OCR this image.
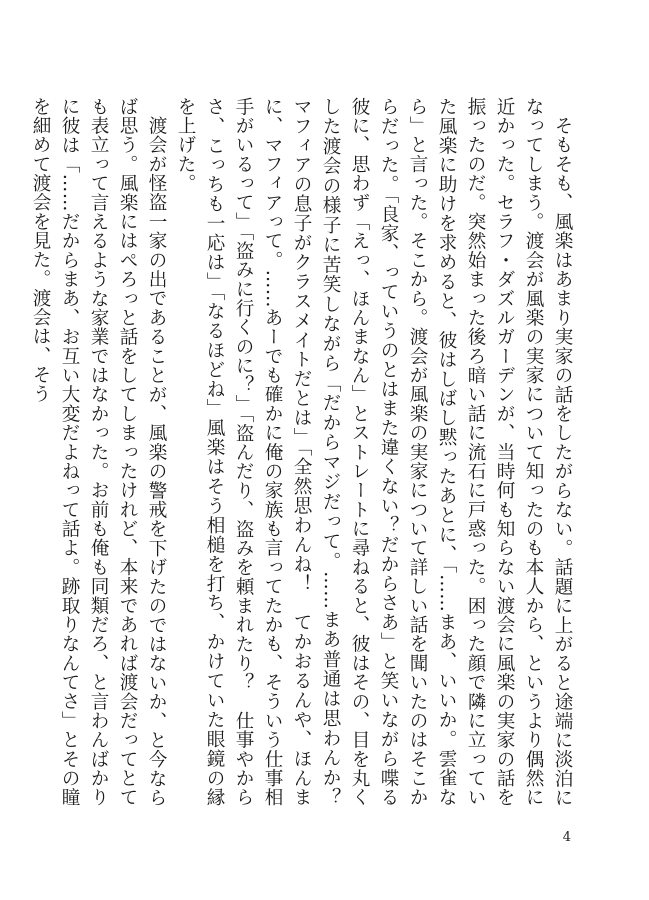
そもそも、風楽はあまり実家の話をしたがらない。話題に上がると途端に淡泊になってしまう。渡会が風楽の実家について知ったのも本人から、というより偶然に近かった。セラフ・ダズルガーデンが、当時何も知らない渡会に風楽の実家の話を振ったのだ。突然始まった後ろ暗い話に流石に戸惑った。困った顔で隣に立っていた風楽に助けを求めると、彼はしばし黙ったあとに、「……まあ、いいか。雲雀なら」と言った。そこから。渡会が風楽の実家について詳しい話を聞いたのはそこからだった。「良家、っていうのとはまた違くない？だからさあ」と笑いながら喋る彼に、思わず「えっ、ほんまなん」とストレートに尋ねると、彼はその、目を丸くした渡会の様子に苦笑しながら「だからマジだって。……まあ普通は思わんか？　マフィアの息子がクラスメイトだとは」「全然思わんね！　てかおるんや、ほんまに、マフィアって。……あーでも確かに俺の家族も言ってたかも、そういう仕事相手がいるって」「盗みに行くのに？」「盗んだり、盗みを頼まれたり？　仕事やからさ、こっちも一応は」「なるほどね」風楽はそう相槌を打ち、かけていた眼鏡の縁を上げた。

渡会が怪盗一家の出であることが、風楽の警戒を下げたのではないか、と今ならば思う。風楽にはぺろっと話をしてしまったけれど、本来であれば渡会だってとても表立って言えるような家業ではなかった。お前も俺も同類だろ、と言わんばかりに彼は「……だからまあ、お互い大変だよねって話よ。跡取りなんてさ」とその瞳を細めて渡会を見た。渡会は、そう

4
